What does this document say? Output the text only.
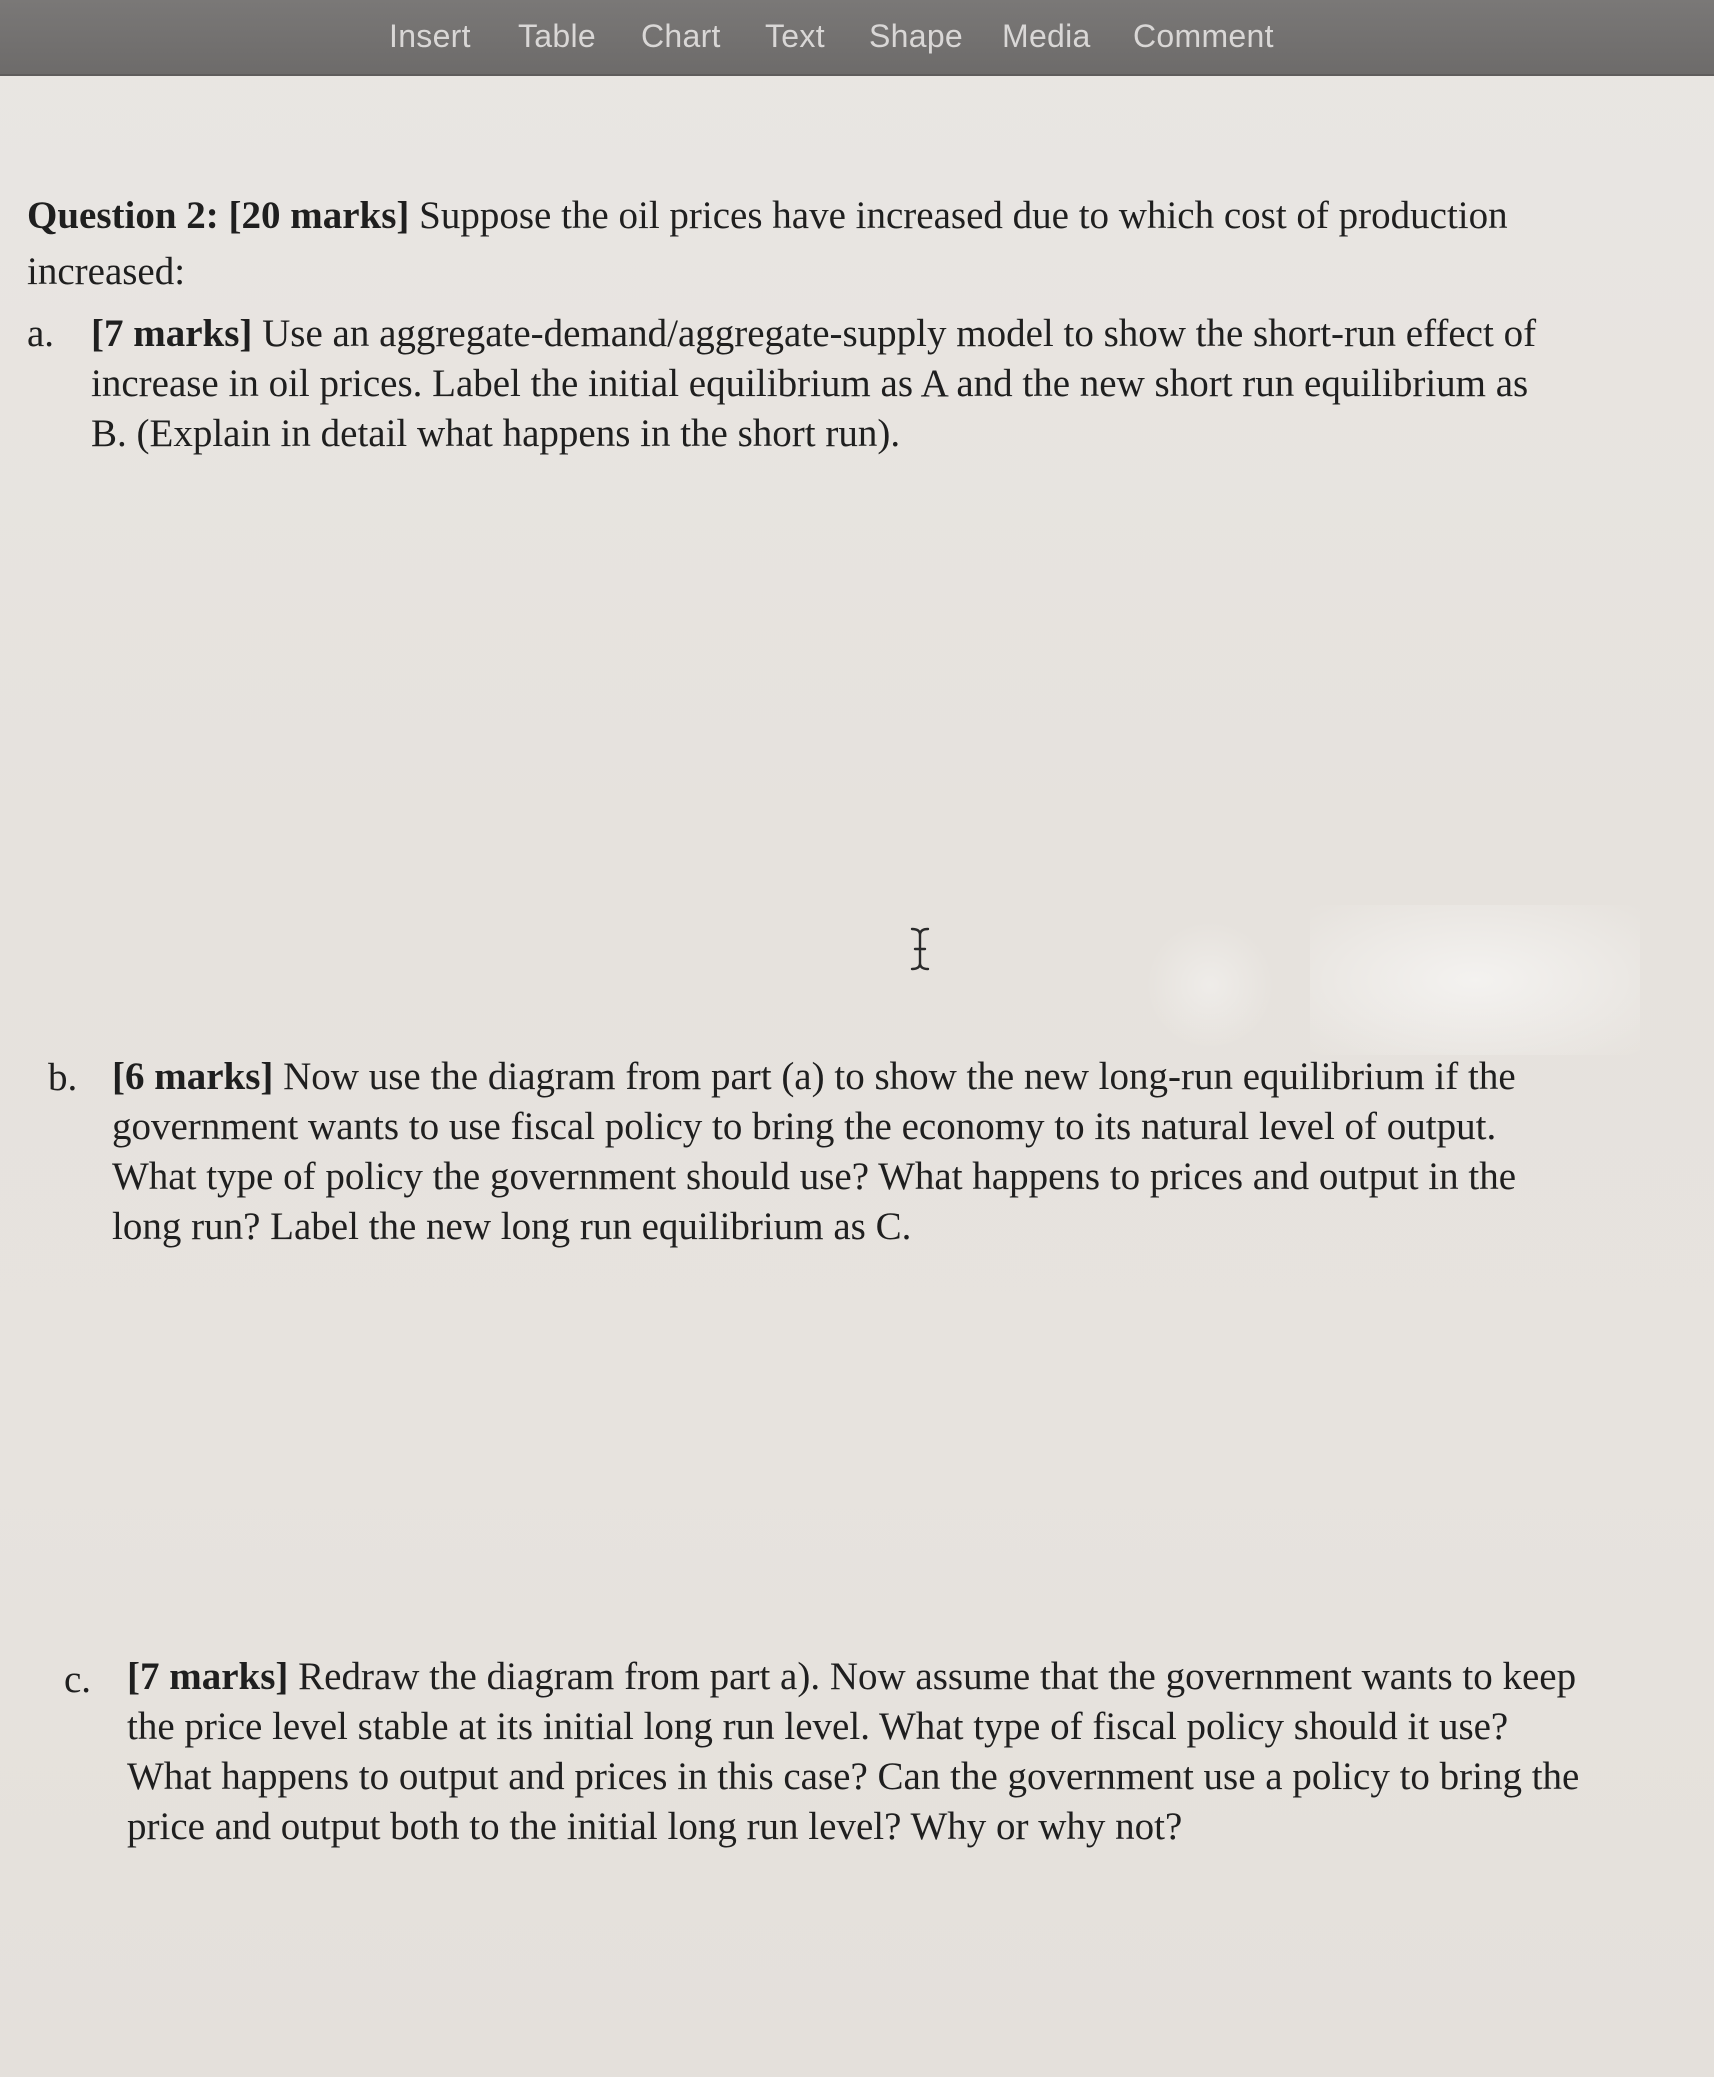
Insert Table Chart Text Shape Media Comment
Question 2: [20 marks] Suppose the oil prices have increased due to which cost of production
increased:
a. [7 marks] Use an aggregate-demand/aggregate-supply model to show the short-run effect of
increase in oil prices. Label the initial equilibrium as A and the new short run equilibrium as
B. (Explain in detail what happens in the short run).
b. [6 marks] Now use the diagram from part (a) to show the new long-run equilibrium if the
government wants to use fiscal policy to bring the economy to its natural level of output.
What type of policy the government should use? What happens to prices and output in the
long run? Label the new long run equilibrium as C.
c. [7 marks] Redraw the diagram from part a). Now assume that the government wants to keep
the price level stable at its initial long run level. What type of fiscal policy should it use?
What happens to output and prices in this case? Can the government use a policy to bring the
price and output both to the initial long run level? Why or why not?
